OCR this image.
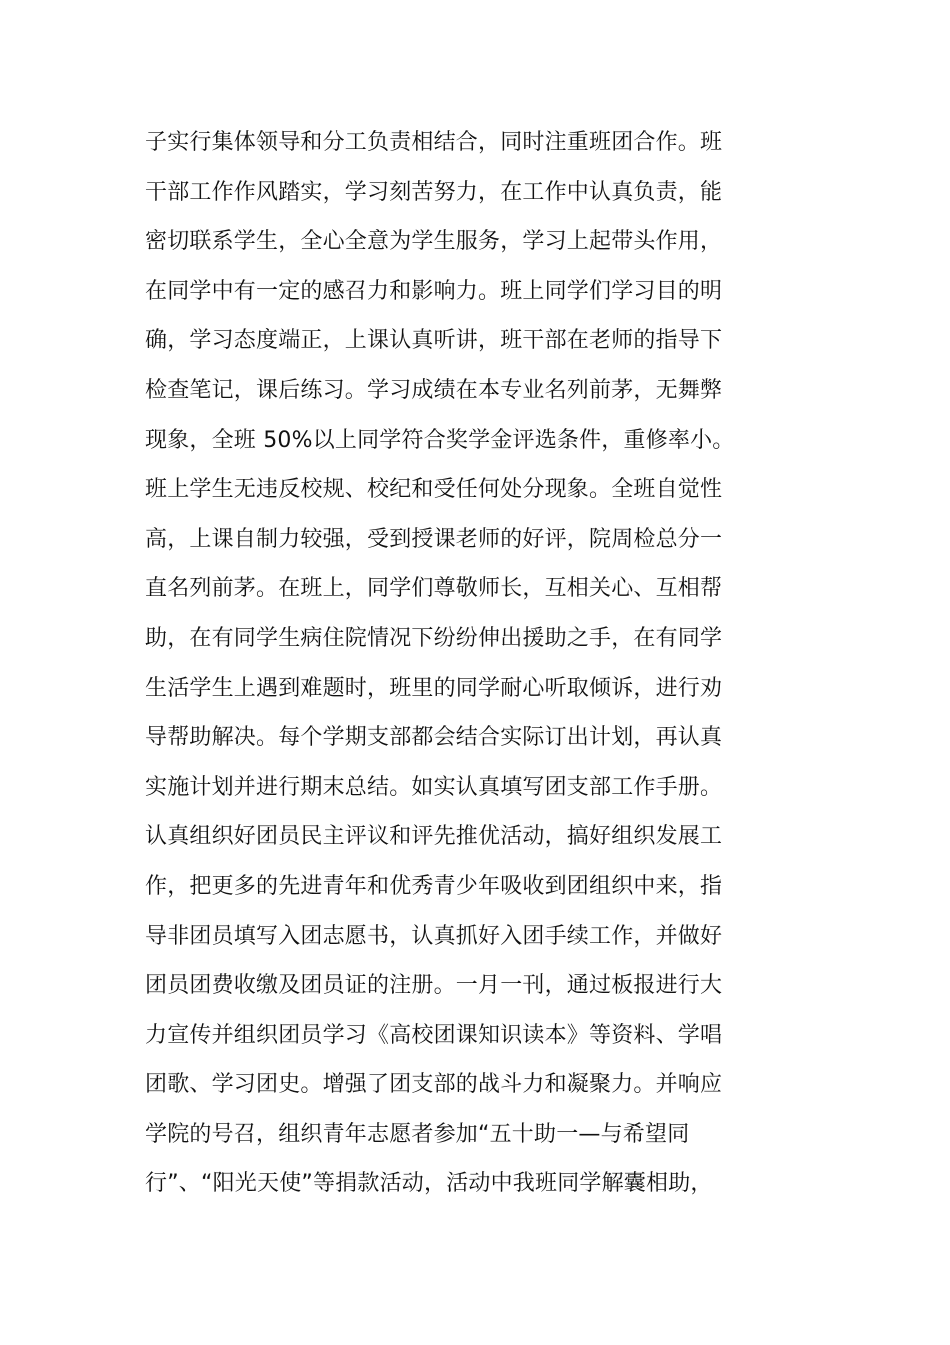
子实行集体领导和分工负责相结合，同时注重班团合作。班
干部工作作风踏实，学习刻苦努力，在工作中认真负责，能
密切联系学生，全心全意为学生服务，学习上起带头作用，
在同学中有一定的感召力和影响力。班上同学们学习目的明
确，学习态度端正，上课认真听讲，班干部在老师的指导下
检查笔记，课后练习。学习成绩在本专业名列前茅，无舞弊
现象，全班 50%以上同学符合奖学金评选条件，重修率小。
班上学生无违反校规、校纪和受任何处分现象。全班自觉性
高，上课自制力较强，受到授课老师的好评，院周检总分一
直名列前茅。在班上，同学们尊敬师长，互相关心、互相帮
助，在有同学生病住院情况下纷纷伸出援助之手，在有同学
生活学生上遇到难题时，班里的同学耐心听取倾诉，进行劝
导帮助解决。每个学期支部都会结合实际订出计划，再认真
实施计划并进行期末总结。如实认真填写团支部工作手册。
认真组织好团员民主评议和评先推优活动，搞好组织发展工
作，把更多的先进青年和优秀青少年吸收到团组织中来，指
导非团员填写入团志愿书，认真抓好入团手续工作，并做好
团员团费收缴及团员证的注册。一月一刊，通过板报进行大
力宣传并组织团员学习《高校团课知识读本》等资料、学唱
团歌、学习团史。增强了团支部的战斗力和凝聚力。并响应
学院的号召，组织青年志愿者参加“五十助一—与希望同
行”、“阳光天使”等捐款活动，活动中我班同学解囊相助，
